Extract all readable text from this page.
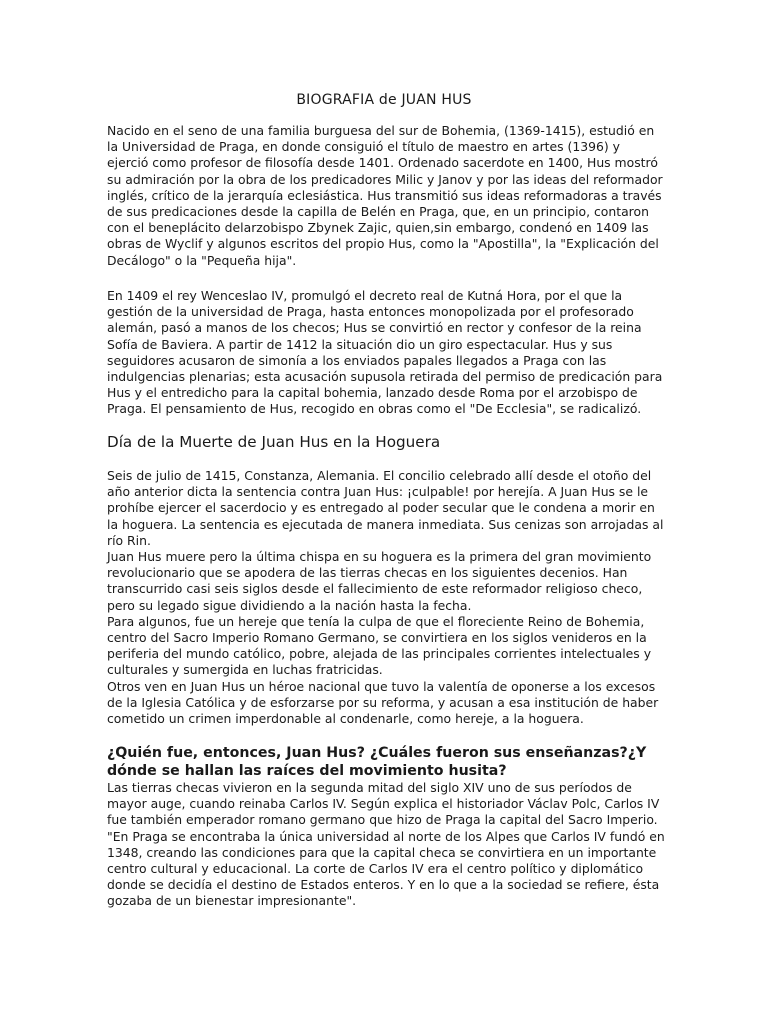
BIOGRAFIA de JUAN HUS

Nacido en el seno de una familia burguesa del sur de Bohemia, (1369-1415), estudió en la Universidad de Praga, en donde consiguió el título de maestro en artes (1396) y ejerció como profesor de filosofía desde 1401. Ordenado sacerdote en 1400, Hus mostró su admiración por la obra de los predicadores Milic y Janov y por las ideas del reformador inglés, crítico de la jerarquía eclesiástica. Hus transmitió sus ideas reformadoras a través de sus predicaciones desde la capilla de Belén en Praga, que, en un principio, contaron con el beneplácito delarzobispo Zbynek Zajic, quien,sin embargo, condenó en 1409 las obras de Wyclif y algunos escritos del propio Hus, como la "Apostilla", la "Explicación del Decálogo" o la "Pequeña hija".

En 1409 el rey Wenceslao IV, promulgó el decreto real de Kutná Hora, por el que la gestión de la universidad de Praga, hasta entonces monopolizada por el profesorado alemán, pasó a manos de los checos; Hus se convirtió en rector y confesor de la reina Sofía de Baviera. A partir de 1412 la situación dio un giro espectacular. Hus y sus seguidores acusaron de simonía a los enviados papales llegados a Praga con las indulgencias plenarias; esta acusación supusola retirada del permiso de predicación para Hus y el entredicho para la capital bohemia, lanzado desde Roma por el arzobispo de Praga. El pensamiento de Hus, recogido en obras como el "De Ecclesia", se radicalizó.

Día de la Muerte de Juan Hus en la Hoguera

Seis de julio de 1415, Constanza, Alemania. El concilio celebrado allí desde el otoño del año anterior dicta la sentencia contra Juan Hus: ¡culpable! por herejía. A Juan Hus se le prohíbe ejercer el sacerdocio y es entregado al poder secular que le condena a morir en la hoguera. La sentencia es ejecutada de manera inmediata. Sus cenizas son arrojadas al río Rin.

Juan Hus muere pero la última chispa en su hoguera es la primera del gran movimiento revolucionario que se apodera de las tierras checas en los siguientes decenios. Han transcurrido casi seis siglos desde el fallecimiento de este reformador religioso checo, pero su legado sigue dividiendo a la nación hasta la fecha.

Para algunos, fue un hereje que tenía la culpa de que el floreciente Reino de Bohemia, centro del Sacro Imperio Romano Germano, se convirtiera en los siglos venideros en la periferia del mundo católico, pobre, alejada de las principales corrientes intelectuales y culturales y sumergida en luchas fratricidas.

Otros ven en Juan Hus un héroe nacional que tuvo la valentía de oponerse a los excesos de la Iglesia Católica y de esforzarse por su reforma, y acusan a esa institución de haber cometido un crimen imperdonable al condenarle, como hereje, a la hoguera.

¿Quién fue, entonces, Juan Hus? ¿Cuáles fueron sus enseñanzas?¿Y dónde se hallan las raíces del movimiento husita?

Las tierras checas vivieron en la segunda mitad del siglo XIV uno de sus períodos de mayor auge, cuando reinaba Carlos IV. Según explica el historiador Václav Polc, Carlos IV fue también emperador romano germano que hizo de Praga la capital del Sacro Imperio.

"En Praga se encontraba la única universidad al norte de los Alpes que Carlos IV fundó en 1348, creando las condiciones para que la capital checa se convirtiera en un importante centro cultural y educacional. La corte de Carlos IV era el centro político y diplomático donde se decidía el destino de Estados enteros. Y en lo que a la sociedad se refiere, ésta gozaba de un bienestar impresionante".
